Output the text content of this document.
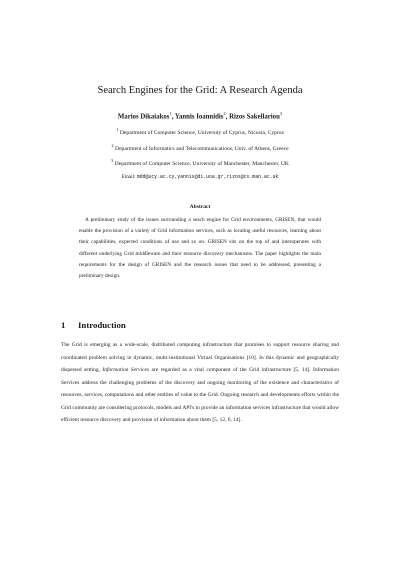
Search Engines for the Grid: A Research Agenda
Marios Dikaiakos$^1$, Yannis Ioannidis$^2$, Rizos Sakellariou$^3$
$^1$ Department of Computer Science, University of Cyprus, Nicosia, Cyprus
$^2$ Department of Informatics and Telecommunications, Univ. of Athens, Greece
$^3$ Department of Computer Science, University of Manchester, Manchester, UK
Email: mdd@ucy.ac.cy,yannis@di.uoa.gr,rizos@cs.man.ac.uk
Abstract

A preliminary study of the issues surrounding a seach engine for Grid environments, GRISEN, that would enable the provision of a variety of Grid information services, such as locating useful resources, learning about their capabilities, expected conditions of use and so on. GRISEN sits on the top of and interoperates with different underlying Grid middleware and their resource discovery mechanisms. The paper highlights the main requirements for the design of GRISEN and the research issues that need to be addressed, presenting a preliminary design.

1 Introduction

The Grid is emerging as a wide-scale, distributed computing infrastructure that promises to support resource sharing and coordinated problem solving in dynamic, multi-institutional Virtual Organisations [10]. In this dynamic and geographically dispersed setting, Information Services are regarded as a vital component of the Grid infrastructure [5, 14]. Information Services address the challenging problems of the discovery and ongoing monitoring of the existence and characteristics of resources, services, computations and other entities of value to the Grid. Ongoing research and developments efforts within the Grid community are considering protocols, models and API's to provide an information services infrastructure that would allow efficient resource discovery and provision of information about them [5, 12, 6, 14].
